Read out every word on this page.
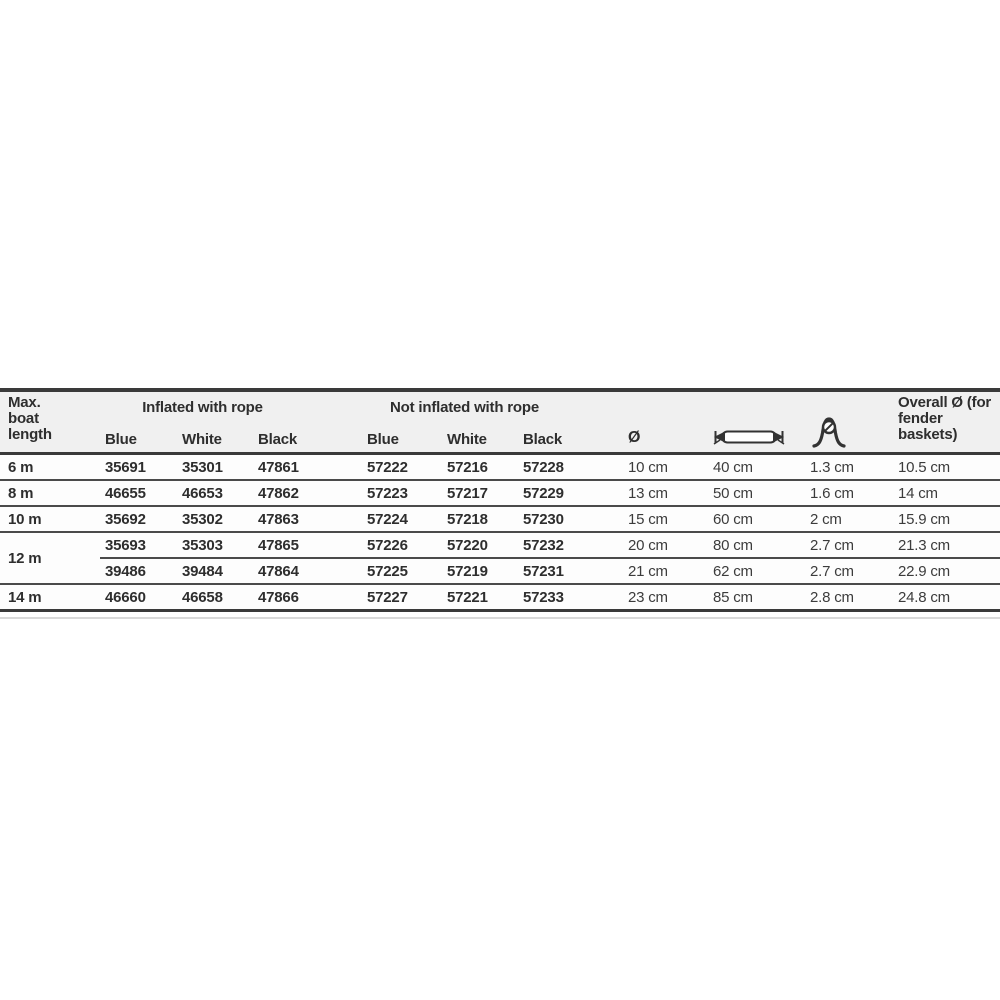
Max. boat length
Inflated with rope
Blue	White	Black
Not inflated with rope
Blue	White	Black	Ø
Overall Ø (for fender baskets)
6 m	35691	35301	47861	57222	57216	57228	10 cm	40 cm	1.3 cm	10.5 cm
8 m	46655	46653	47862	57223	57217	57229	13 cm	50 cm	1.6 cm	14 cm
10 m	35692	35302	47863	57224	57218	57230	15 cm	60 cm	2 cm	15.9 cm
12 m
35693	35303	47865	57226	57220	57232	20 cm	80 cm	2.7 cm	21.3 cm
39486	39484	47864	57225	57219	57231	21 cm	62 cm	2.7 cm	22.9 cm
14 m	46660	46658	47866	57227	57221	57233	23 cm	85 cm	2.8 cm	24.8 cm
